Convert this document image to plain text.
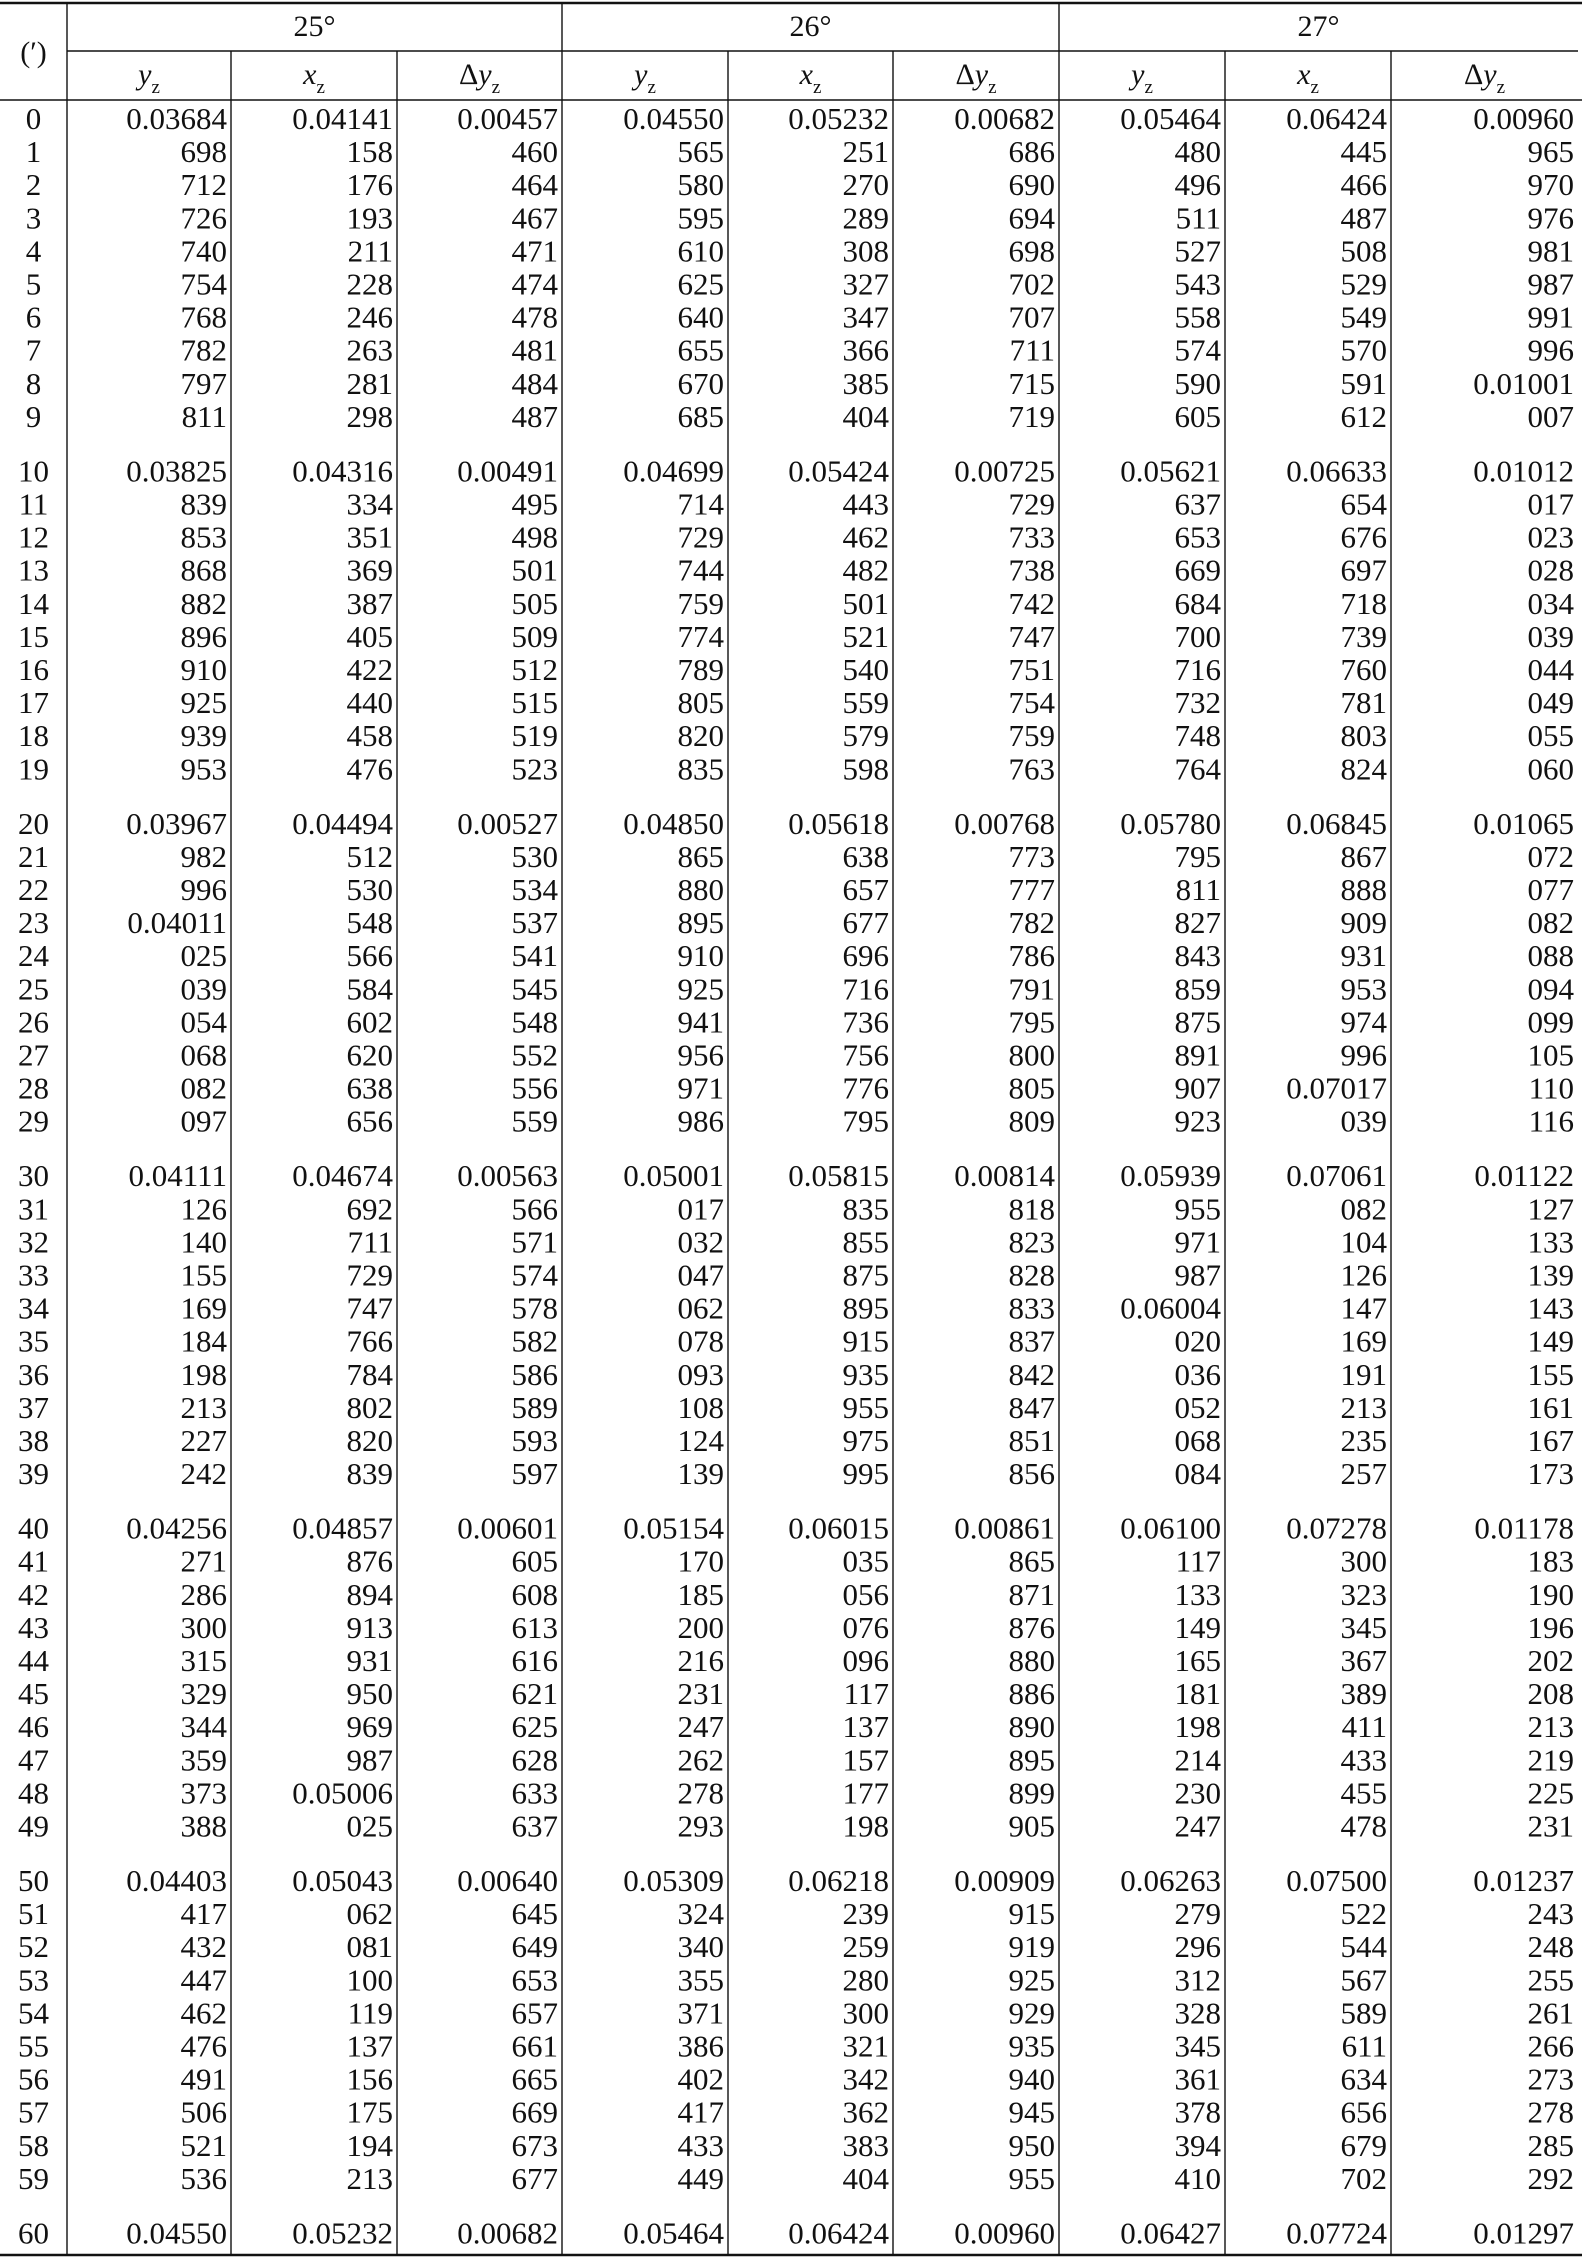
25°	26°	27°
(′)
yz	xz	Δyz	yz	xz	Δyz	yz	xz	Δyz
0	0.03684 0.04141 0.00457 0.04550 0.05232 0.00682 0.05464 0.06424	0.00960
1	698	158	460	565	251	686	480	445	965
2	712	176	464	580	270	690	496	466	970
3	726	193	467	595	289	694	511	487	976
4	740	211	471	610	308	698	527	508	981
5	754	228	474	625	327	702	543	529	987
6	768	246	478	640	347	707	558	549	991
7	782	263	481	655	366	711	574	570	996
8	797	281	484	670	385	715	590	591	0.01001
9	811	298	487	685	404	719	605	612	007
10 0.03825 0.04316 0.00491 0.04699 0.05424 0.00725 0.05621 0.06633	0.01012
11	839	334	495	714	443	729	637	654	017
12	853	351	498	729	462	733	653	676	023
13	868	369	501	744	482	738	669	697	028
14	882	387	505	759	501	742	684	718	034
15	896	405	509	774	521	747	700	739	039
16	910	422	512	789	540	751	716	760	044
17	925	440	515	805	559	754	732	781	049
18	939	458	519	820	579	759	748	803	055
19	953	476	523	835	598	763	764	824	060
20 0.03967 0.04494 0.00527 0.04850 0.05618 0.00768 0.05780 0.06845	0.01065
21	982	512	530	865	638	773	795	867	072
22	996	530	534	880	657	777	811	888	077
23	0.04011	548	537	895	677	782	827	909	082
24	025	566	541	910	696	786	843	931	088
25	039	584	545	925	716	791	859	953	094
26	054	602	548	941	736	795	875	974	099
27	068	620	552	956	756	800	891	996	105
28	082	638	556	971	776	805	907 0.07017	110
29	097	656	559	986	795	809	923	039	116
30	0.04111 0.04674 0.00563 0.05001 0.05815 0.00814 0.05939 0.07061	0.01122
31	126	692	566	017	835	818	955	082	127
32	140	711	571	032	855	823	971	104	133
33	155	729	574	047	875	828	987	126	139
34	169	747	578	062	895	833 0.06004	147	143
35	184	766	582	078	915	837	020	169	149
36	198	784	586	093	935	842	036	191	155
37	213	802	589	108	955	847	052	213	161
38	227	820	593	124	975	851	068	235	167
39	242	839	597	139	995	856	084	257	173
40 0.04256 0.04857 0.00601 0.05154 0.06015 0.00861 0.06100 0.07278	0.01178
41	271	876	605	170	035	865	117	300	183
42	286	894	608	185	056	871	133	323	190
43	300	913	613	200	076	876	149	345	196
44	315	931	616	216	096	880	165	367	202
45	329	950	621	231	117	886	181	389	208
46	344	969	625	247	137	890	198	411	213
47	359	987	628	262	157	895	214	433	219
48	373 0.05006	633	278	177	899	230	455	225
49	388	025	637	293	198	905	247	478	231
50 0.04403 0.05043 0.00640 0.05309 0.06218 0.00909 0.06263 0.07500	0.01237
51	417	062	645	324	239	915	279	522	243
52	432	081	649	340	259	919	296	544	248
53	447	100	653	355	280	925	312	567	255
54	462	119	657	371	300	929	328	589	261
55	476	137	661	386	321	935	345	611	266
56	491	156	665	402	342	940	361	634	273
57	506	175	669	417	362	945	378	656	278
58	521	194	673	433	383	950	394	679	285
59	536	213	677	449	404	955	410	702	292
60 0.04550 0.05232 0.00682 0.05464 0.06424 0.00960 0.06427 0.07724	0.01297
